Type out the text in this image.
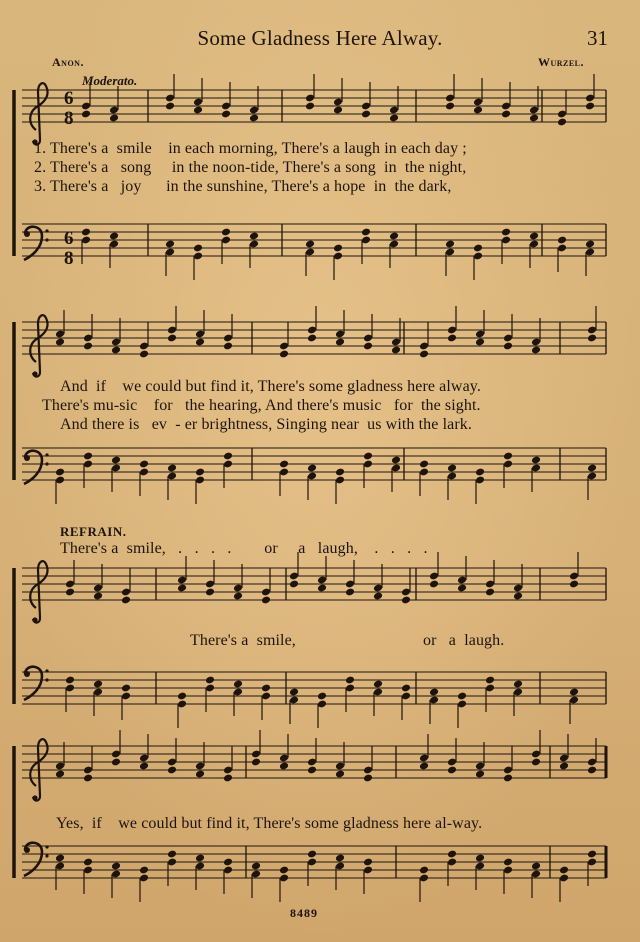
Some Gladness Here Alway.	31
Anon.	Wurzel.
Moderato.
6
8
6
8
1. There's a  smile    in each morning, There's a laugh in each day ;
2. There's a   song     in the noon-tide, There's a song  in  the night,
3. There's a   joy      in the sunshine, There's a hope  in  the dark,
And  if    we could but find it, There's some gladness here alway.
There's mu-sic    for   the hearing, And there's music   for  the sight.
And there is   ev  - er brightness, Singing near  us with the lark.
REFRAIN.
There's a  smile,   .   .   .   .        or     a   laugh,    .   .   .   .
There's a  smile,                               or   a  laugh.
Yes,  if    we could but find it, There's some gladness here al-way.
8489
